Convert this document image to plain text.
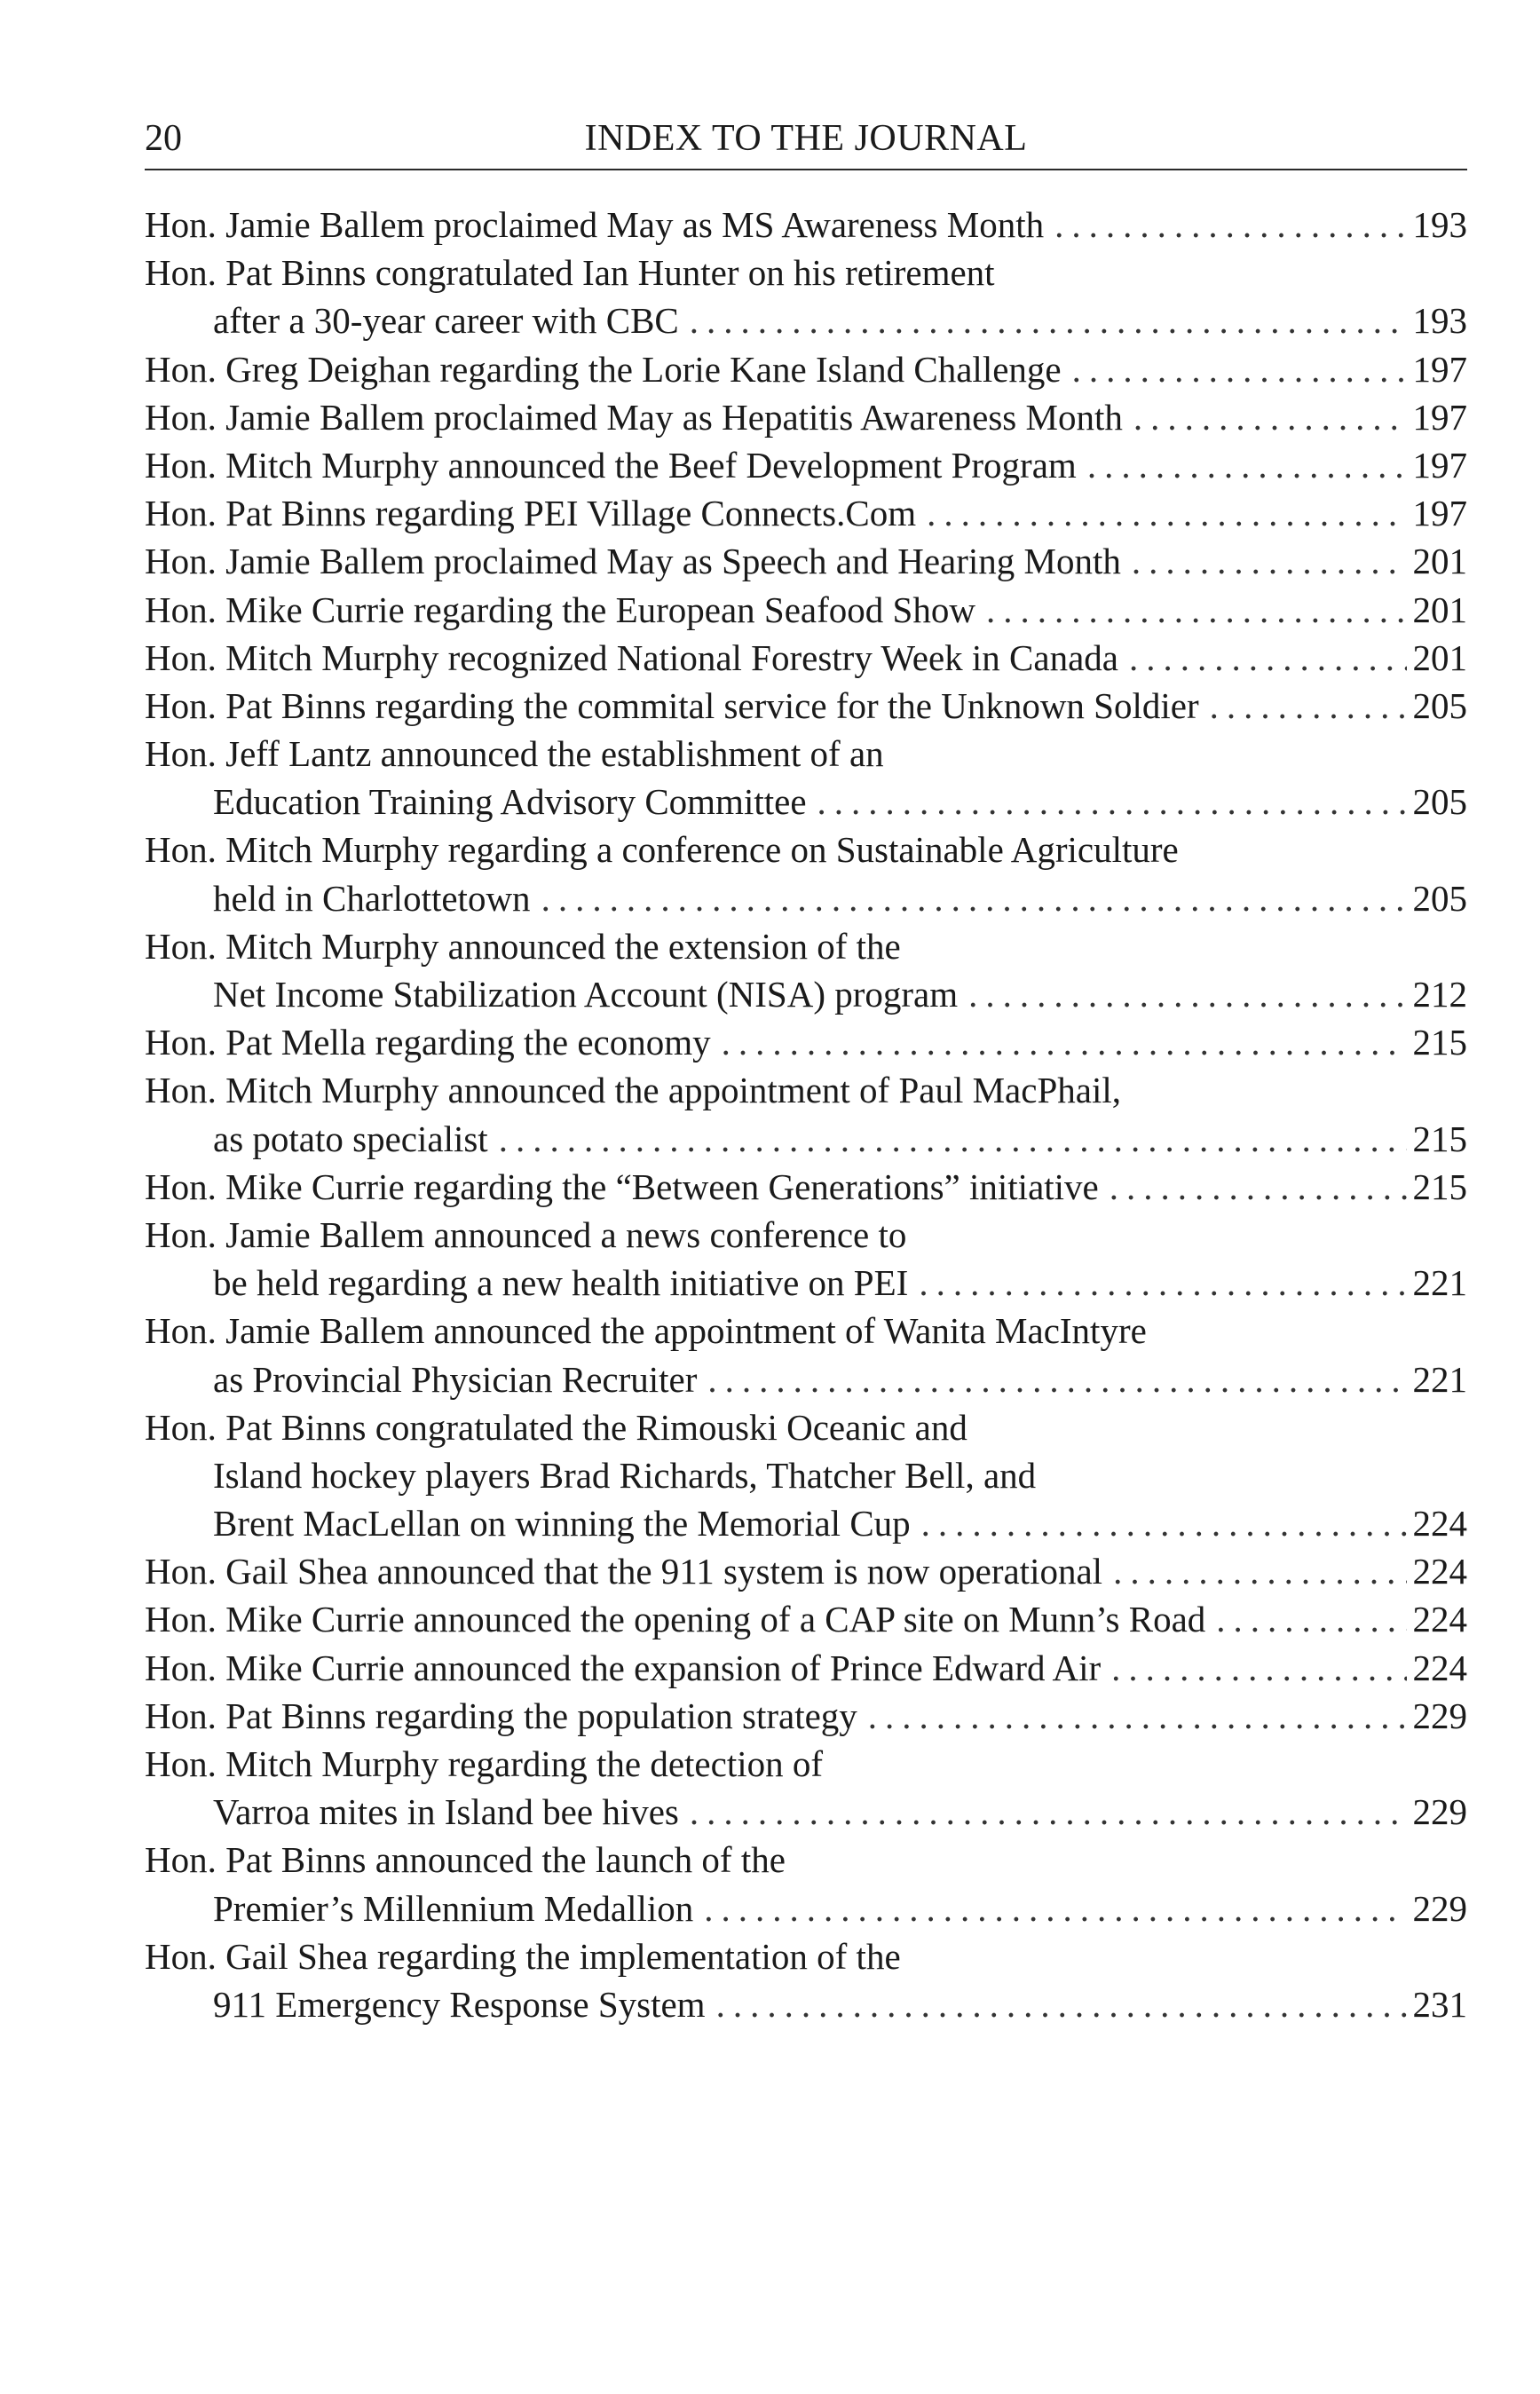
20	INDEX TO THE JOURNAL
Hon. Jamie Ballem proclaimed May as MS Awareness Month .....	193
Hon. Pat Binns congratulated Ian Hunter on his retirement
after a 30-year career with CBC .....	193
Hon. Greg Deighan regarding the Lorie Kane Island Challenge .....	197
Hon. Jamie Ballem proclaimed May as Hepatitis Awareness Month .....	197
Hon. Mitch Murphy announced the Beef Development Program .....	197
Hon. Pat Binns regarding PEI Village Connects.Com .....	197
Hon. Jamie Ballem proclaimed May as Speech and Hearing Month .....	201
Hon. Mike Currie regarding the European Seafood Show .....	201
Hon. Mitch Murphy recognized National Forestry Week in Canada .....	201
Hon. Pat Binns regarding the commital service for the Unknown Soldier .....	205
Hon. Jeff Lantz announced the establishment of an
Education Training Advisory Committee .....	205
Hon. Mitch Murphy regarding a conference on Sustainable Agriculture
held in Charlottetown .....	205
Hon. Mitch Murphy announced the extension of the
Net Income Stabilization Account (NISA) program .....	212
Hon. Pat Mella regarding the economy .....	215
Hon. Mitch Murphy announced the appointment of Paul MacPhail,
as potato specialist .....	215
Hon. Mike Currie regarding the “Between Generations” initiative .....	215
Hon. Jamie Ballem announced a news conference to
be held regarding a new health initiative on PEI .....	221
Hon. Jamie Ballem announced the appointment of Wanita MacIntyre
as Provincial Physician Recruiter .....	221
Hon. Pat Binns congratulated the Rimouski Oceanic and
Island hockey players Brad Richards, Thatcher Bell, and
Brent MacLellan on winning the Memorial Cup .....	224
Hon. Gail Shea announced that the 911 system is now operational .....	224
Hon. Mike Currie announced the opening of a CAP site on Munn’s Road .....	224
Hon. Mike Currie announced the expansion of Prince Edward Air .....	224
Hon. Pat Binns regarding the population strategy .....	229
Hon. Mitch Murphy regarding the detection of
Varroa mites in Island bee hives .....	229
Hon. Pat Binns announced the launch of the
Premier’s Millennium Medallion .....	229
Hon. Gail Shea regarding the implementation of the
911 Emergency Response System .....	231
